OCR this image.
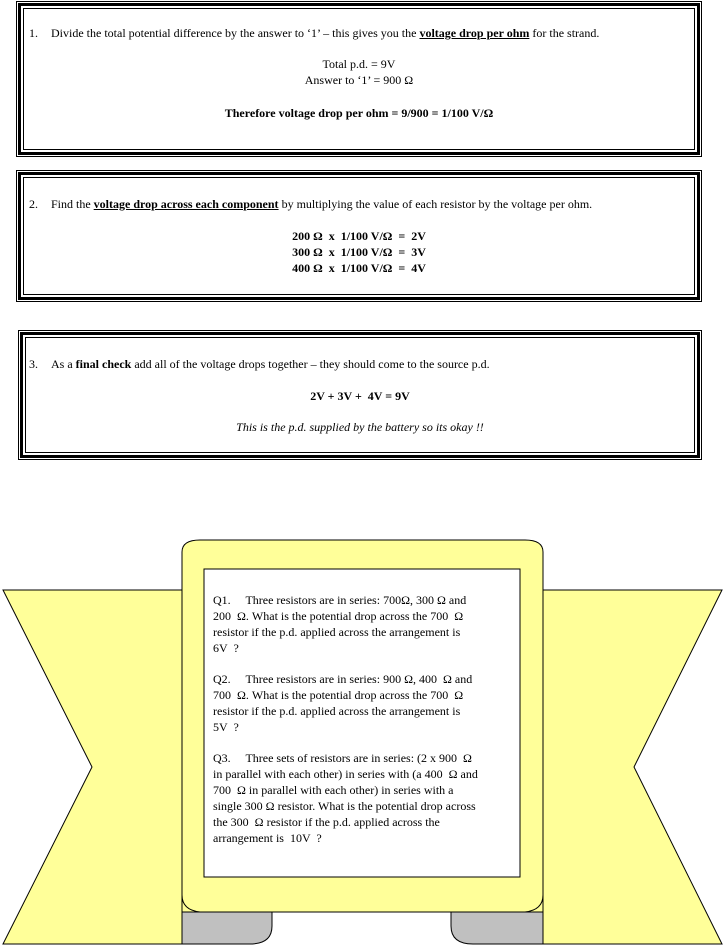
1. Divide the total potential difference by the answer to ‘1’ – this gives you the voltage drop per ohm for the strand.
Total p.d. = 9V
Answer to ‘1’ = 900 Ω
Therefore voltage drop per ohm = 9/900 = 1/100 V/Ω
2. Find the voltage drop across each component by multiplying the value of each resistor by the voltage per ohm.
200 Ω  x  1/100 V/Ω  =  2V
300 Ω  x  1/100 V/Ω  =  3V
400 Ω  x  1/100 V/Ω  =  4V
3. As a final check add all of the voltage drops together – they should come to the source p.d.
2V + 3V +  4V = 9V
This is the p.d. supplied by the battery so its okay !!
Q1.     Three resistors are in series: 700Ω, 300 Ω and
200  Ω. What is the potential drop across the 700  Ω
resistor if the p.d. applied across the arrangement is
6V  ?
Q2.     Three resistors are in series: 900 Ω, 400  Ω and
700  Ω. What is the potential drop across the 700  Ω
resistor if the p.d. applied across the arrangement is
5V  ?
Q3.     Three sets of resistors are in series: (2 x 900  Ω
in parallel with each other) in series with (a 400  Ω and
700  Ω in parallel with each other) in series with a
single 300 Ω resistor. What is the potential drop across
the 300  Ω resistor if the p.d. applied across the
arrangement is  10V  ?
